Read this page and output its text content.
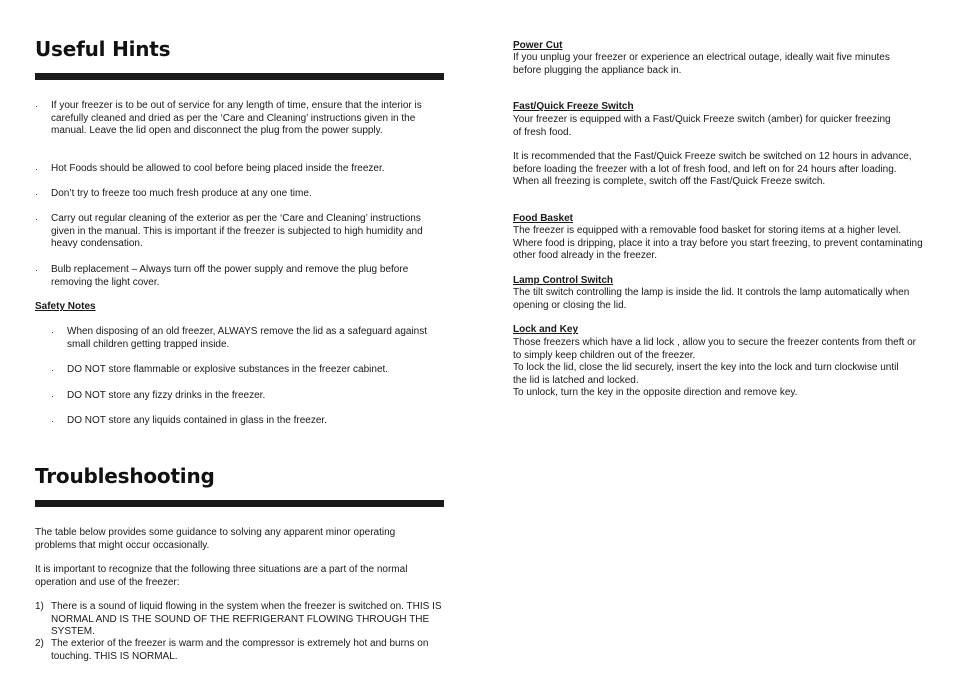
Useful Hints
· If your freezer is to be out of service for any length of time, ensure that the interior is carefully cleaned and dried as per the ‘Care and Cleaning’ instructions given in the manual. Leave the lid open and disconnect the plug from the power supply.
· Hot Foods should be allowed to cool before being placed inside the freezer.
· Don’t try to freeze too much fresh produce at any one time.
· Carry out regular cleaning of the exterior as per the ‘Care and Cleaning’ instructions given in the manual. This is important if the freezer is subjected to high humidity and heavy condensation.
· Bulb replacement – Always turn off the power supply and remove the plug before removing the light cover.
Safety Notes
· When disposing of an old freezer, ALWAYS remove the lid as a safeguard against small children getting trapped inside.
· DO NOT store flammable or explosive substances in the freezer cabinet.
· DO NOT store any fizzy drinks in the freezer.
· DO NOT store any liquids contained in glass in the freezer.
Troubleshooting
The table below provides some guidance to solving any apparent minor operating problems that might occur occasionally.
It is important to recognize that the following three situations are a part of the normal operation and use of the freezer:
1) There is a sound of liquid flowing in the system when the freezer is switched on. THIS IS NORMAL AND IS THE SOUND OF THE REFRIGERANT FLOWING THROUGH THE SYSTEM.
2) The exterior of the freezer is warm and the compressor is extremely hot and burns on touching. THIS IS NORMAL.
Power Cut
If you unplug your freezer or experience an electrical outage, ideally wait five minutes before plugging the appliance back in.
Fast/Quick Freeze Switch
Your freezer is equipped with a Fast/Quick Freeze switch (amber) for quicker freezing of fresh food.
It is recommended that the Fast/Quick Freeze switch be switched on 12 hours in advance, before loading the freezer with a lot of fresh food, and left on for 24 hours after loading. When all freezing is complete, switch off the Fast/Quick Freeze switch.
Food Basket
The freezer is equipped with a removable food basket for storing items at a higher level. Where food is dripping, place it into a tray before you start freezing, to prevent contaminating other food already in the freezer.
Lamp Control Switch
The tilt switch controlling the lamp is inside the lid. It controls the lamp automatically when opening or closing the lid.
Lock and Key
Those freezers which have a lid lock , allow you to secure the freezer contents from theft or to simply keep children out of the freezer.
To lock the lid, close the lid securely, insert the key into the lock and turn clockwise until the lid is latched and locked.
To unlock, turn the key in the opposite direction and remove key.
